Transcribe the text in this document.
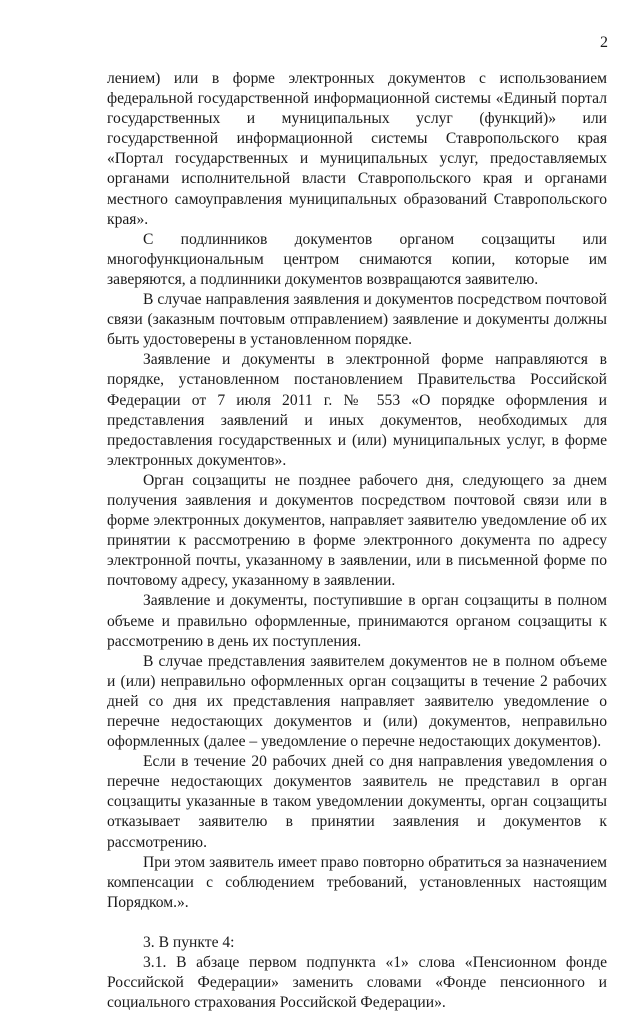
2

лением) или в форме электронных документов с использованием федеральной государственной информационной системы «Единый портал государственных и муниципальных услуг (функций)» или государственной информационной системы Ставропольского края «Портал государственных и муниципальных услуг, предоставляемых органами исполнительной власти Ставропольского края и органами местного самоуправления муниципальных образований Ставропольского края».

С подлинников документов органом соцзащиты или многофункциональным центром снимаются копии, которые им заверяются, а подлинники документов возвращаются заявителю.

В случае направления заявления и документов посредством почтовой связи (заказным почтовым отправлением) заявление и документы должны быть удостоверены в установленном порядке.

Заявление и документы в электронной форме направляются в порядке, установленном постановлением Правительства Российской Федерации от 7 июля 2011 г. № 553 «О порядке оформления и представления заявлений и иных документов, необходимых для предоставления государственных и (или) муниципальных услуг, в форме электронных документов».

Орган соцзащиты не позднее рабочего дня, следующего за днем получения заявления и документов посредством почтовой связи или в форме электронных документов, направляет заявителю уведомление об их принятии к рассмотрению в форме электронного документа по адресу электронной почты, указанному в заявлении, или в письменной форме по почтовому адресу, указанному в заявлении.

Заявление и документы, поступившие в орган соцзащиты в полном объеме и правильно оформленные, принимаются органом соцзащиты к рассмотрению в день их поступления.

В случае представления заявителем документов не в полном объеме и (или) неправильно оформленных орган соцзащиты в течение 2 рабочих дней со дня их представления направляет заявителю уведомление о перечне недостающих документов и (или) документов, неправильно оформленных (далее – уведомление о перечне недостающих документов).

Если в течение 20 рабочих дней со дня направления уведомления о перечне недостающих документов заявитель не представил в орган соцзащиты указанные в таком уведомлении документы, орган соцзащиты отказывает заявителю в принятии заявления и документов к рассмотрению.

При этом заявитель имеет право повторно обратиться за назначением компенсации с соблюдением требований, установленных настоящим Порядком.».

3. В пункте 4:

3.1. В абзаце первом подпункта «1» слова «Пенсионном фонде Российской Федерации» заменить словами «Фонде пенсионного и социального страхования Российской Федерации».
